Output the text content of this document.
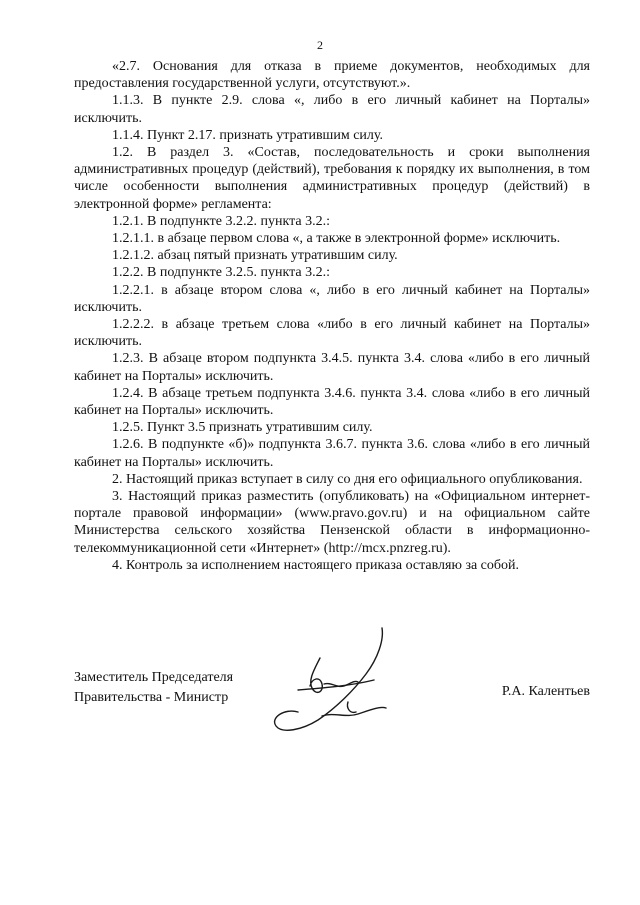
2

«2.7. Основания для отказа в приеме документов, необходимых для предоставления государственной услуги, отсутствуют.».

1.1.3. В пункте 2.9. слова «, либо в его личный кабинет на Порталы» исключить.

1.1.4. Пункт 2.17. признать утратившим силу.

1.2. В раздел 3. «Состав, последовательность и сроки выполнения административных процедур (действий), требования к порядку их выполнения, в том числе особенности выполнения административных процедур (действий) в электронной форме» регламента:

1.2.1. В подпункте 3.2.2. пункта 3.2.:

1.2.1.1. в абзаце первом слова «, а также в электронной форме» исключить.

1.2.1.2. абзац пятый признать утратившим силу.

1.2.2. В подпункте 3.2.5. пункта 3.2.:

1.2.2.1. в абзаце втором слова «, либо в его личный кабинет на Порталы» исключить.

1.2.2.2. в абзаце третьем слова «либо в его личный кабинет на Порталы» исключить.

1.2.3. В абзаце втором подпункта 3.4.5. пункта 3.4. слова «либо в его личный кабинет на Порталы» исключить.

1.2.4. В абзаце третьем подпункта 3.4.6. пункта 3.4. слова «либо в его личный кабинет на Порталы» исключить.

1.2.5. Пункт 3.5 признать утратившим силу.

1.2.6. В подпункте «б)» подпункта 3.6.7. пункта 3.6. слова «либо в его личный кабинет на Порталы» исключить.

2. Настоящий приказ вступает в силу со дня его официального опубликования.

3. Настоящий приказ разместить (опубликовать) на «Официальном интернет-портале правовой информации» (www.pravo.gov.ru) и на официальном сайте Министерства сельского хозяйства Пензенской области в информационно-телекоммуникационной сети «Интернет» (http://mcx.pnzreg.ru).

4. Контроль за исполнением настоящего приказа оставляю за собой.

Заместитель Председателя
Правительства - Министр	Р.А. Калентьев
